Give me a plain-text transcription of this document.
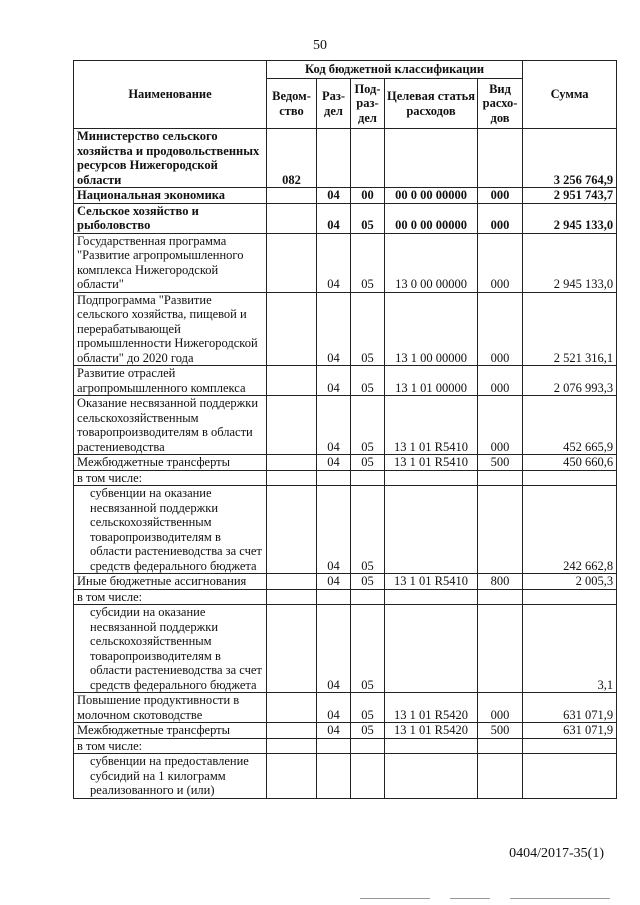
50
Наименование	Код бюджетной классификации					Сумма
	Ведом-ство	Раз-дел	Под-раз-дел	Целевая статья расходов	Вид расхо-дов	
Министерство сельского хозяйства и продовольственных ресурсов Нижегородской области	082					3 256 764,9
Национальная экономика		04	00	00 0 00 00000	000	2 951 743,7
Сельское хозяйство и рыболовство		04	05	00 0 00 00000	000	2 945 133,0
Государственная программа "Развитие агропромышленного комплекса Нижегородской области"		04	05	13 0 00 00000	000	2 945 133,0
Подпрограмма "Развитие сельского хозяйства, пищевой и перерабатывающей промышленности Нижегородской области" до 2020 года		04	05	13 1 00 00000	000	2 521 316,1
Развитие отраслей агропромышленного комплекса		04	05	13 1 01 00000	000	2 076 993,3
Оказание несвязанной поддержки сельскохозяйственным товаропроизводителям в области растениеводства		04	05	13 1 01 R5410	000	452 665,9
Межбюджетные трансферты		04	05	13 1 01 R5410	500	450 660,6
в том числе:						
субвенции на оказание несвязанной поддержки сельскохозяйственным товаропроизводителям в области растениеводства за счет средств федерального бюджета		04	05			242 662,8
Иные бюджетные ассигнования		04	05	13 1 01 R5410	800	2 005,3
в том числе:						
субсидии на оказание несвязанной поддержки сельскохозяйственным товаропроизводителям в области растениеводства за счет средств федерального бюджета		04	05			3,1
Повышение продуктивности в молочном скотоводстве		04	05	13 1 01 R5420	000	631 071,9
Межбюджетные трансферты		04	05	13 1 01 R5420	500	631 071,9
в том числе:						
субвенции на предоставление субсидий на 1 килограмм реализованного и (или)						
0404/2017-35(1)
